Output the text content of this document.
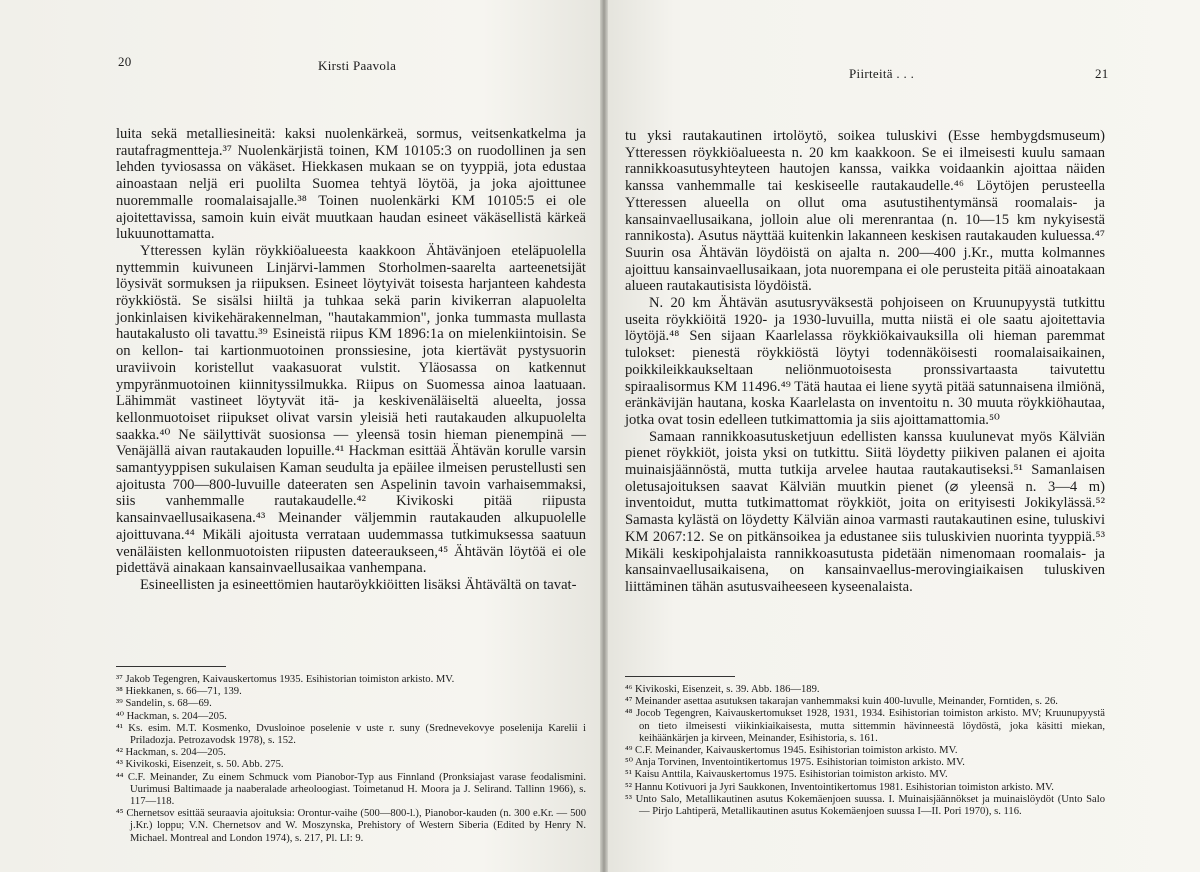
20	Kirsti Paavola

luita sekä metalliesineitä: kaksi nuolenkärkeä, sormus, veitsenkatkelma ja rautafragmentteja.³⁷ Nuolenkärjistä toinen, KM 10105:3 on ruodollinen ja sen lehden tyviosassa on väkäset. Hiekkasen mukaan se on tyyppiä, jota edustaa ainoastaan neljä eri puolilta Suomea tehtyä löytöä, ja joka ajoittunee nuoremmalle roomalaisajalle.³⁸ Toinen nuolenkärki KM 10105:5 ei ole ajoitettavissa, samoin kuin eivät muutkaan haudan esineet väkäsellistä kärkeä lukuunottamatta.

Ytteressen kylän röykkiöalueesta kaakkoon Ähtävänjoen eteläpuolella nyttemmin kuivuneen Linjärvi-lammen Storholmen-saarelta aarteenetsijät löysivät sormuksen ja riipuksen. Esineet löytyivät toisesta harjanteen kahdesta röykkiöstä. Se sisälsi hiiltä ja tuhkaa sekä parin kivikerran alapuolelta jonkinlaisen kivikehärakennelman, "hautakammion", jonka tummasta mullasta hautakalusto oli tavattu.³⁹ Esineistä riipus KM 1896:1a on mielenkiintoisin. Se on kellon- tai kartionmuotoinen pronssiesine, jota kiertävät pystysuorin uraviivoin koristellut vaakasuorat vulstit. Yläosassa on katkennut ympyränmuotoinen kiinnityssilmukka. Riipus on Suomessa ainoa laatuaan. Lähimmät vastineet löytyvät itä- ja keskivenäläiseltä alueelta, jossa kellonmuotoiset riipukset olivat varsin yleisiä heti rautakauden alkupuolelta saakka.⁴⁰ Ne säilyttivät suosionsa — yleensä tosin hieman pienempinä — Venäjällä aivan rautakauden lopuille.⁴¹ Hackman esittää Ähtävän korulle varsin samantyyppisen sukulaisen Kaman seudulta ja epäilee ilmeisen perustellusti sen ajoitusta 700—800-luvuille dateeraten sen Aspelinin tavoin varhaisemmaksi, siis vanhemmalle rautakaudelle.⁴² Kivikoski pitää riipusta kansainvaellusaikasena.⁴³ Meinander väljemmin rautakauden alkupuolelle ajoittuvana.⁴⁴ Mikäli ajoitusta verrataan uudemmassa tutkimuksessa saatuun venäläisten kellonmuotoisten riipusten dateeraukseen,⁴⁵ Ähtävän löytöä ei ole pidettävä ainakaan kansainvaellusaikaa vanhempana.

Esineellisten ja esineettömien hautaröykkiöitten lisäksi Ähtävältä on tavat-

³⁷ Jakob Tegengren, Kaivauskertomus 1935. Esihistorian toimiston arkisto. MV.

³⁸ Hiekkanen, s. 66—71, 139.

³⁹ Sandelin, s. 68—69.

⁴⁰ Hackman, s. 204—205.

⁴¹ Ks. esim. M.T. Kosmenko, Dvuslоinoe poselenie v uste r. suny (Srednevekovye poselenija Karelii i Priladozja. Petrozavodsk 1978), s. 152.

⁴² Hackman, s. 204—205.

⁴³ Kivikoski, Eisenzeit, s. 50. Abb. 275.

⁴⁴ C.F. Meinander, Zu einem Schmuck vom Pianobor-Typ aus Finnland (Pronksiajast varase feodalismini. Uurimusi Baltimaade ja naaberalade arheoloogiast. Toimetanud H. Moora ja J. Selirand. Tallinn 1966), s. 117—118.

⁴⁵ Chernetsov esittää seuraavia ajoituksia: Orontur-vaihe (500—800-l.), Pianobor-kauden (n. 300 e.Kr. — 500 j.Kr.) loppu; V.N. Chernetsov and W. Moszynska, Prehistory of Western Siberia (Edited by Henry N. Michael. Montreal and London 1974), s. 217, Pl. LI: 9.

Piirteitä . . .	21

tu yksi rautakautinen irtolöytö, soikea tuluskivi (Esse hembygdsmuseum) Ytteressen röykkiöalueesta n. 20 km kaakkoon. Se ei ilmeisesti kuulu samaan rannikkoasutusyhteyteen hautojen kanssa, vaikka voidaankin ajoittaa näiden kanssa vanhemmalle tai keskiseelle rautakaudelle.⁴⁶ Löytöjen perusteella Ytteressen alueella on ollut oma asutustihentymänsä roomalais- ja kansainvaellusaikana, jolloin alue oli merenrantaa (n. 10—15 km nykyisestä rannikosta). Asutus näyttää kuitenkin lakanneen keskisen rautakauden kuluessa.⁴⁷ Suurin osa Ähtävän löydöistä on ajalta n. 200—400 j.Kr., mutta kolmannes ajoittuu kansainvaellusaikaan, jota nuorempana ei ole perusteita pitää ainoatakaan alueen rautakautisista löydöistä.

N. 20 km Ähtävän asutusryväksestä pohjoiseen on Kruunupyystä tutkittu useita röykkiöitä 1920- ja 1930-luvuilla, mutta niistä ei ole saatu ajoitettavia löytöjä.⁴⁸ Sen sijaan Kaarlelassa röykkiökaivauksilla oli hieman paremmat tulokset: pienestä röykkiöstä löytyi todennäköisesti roomalaisaikainen, poikkileikkaukseltaan neliönmuotoisesta pronssivartaasta taivutettu spiraalisormus KM 11496.⁴⁹ Tätä hautaa ei liene syytä pitää satunnaisena ilmiönä, eränkävijän hautana, koska Kaarlelasta on inventoitu n. 30 muuta röykkiöhautaa, jotka ovat tosin edelleen tutkimattomia ja siis ajoittamattomia.⁵⁰

Samaan rannikkoasutusketjuun edellisten kanssa kuulunevat myös Kälviän pienet röykkiöt, joista yksi on tutkittu. Siitä löydetty piikiven palanen ei ajoita muinaisjäännöstä, mutta tutkija arvelee hautaa rautakautiseksi.⁵¹ Samanlaisen oletusajoituksen saavat Kälviän muutkin pienet (⌀ yleensä n. 3—4 m) inventoidut, mutta tutkimattomat röykkiöt, joita on erityisesti Jokikylässä.⁵² Samasta kylästä on löydetty Kälviän ainoa varmasti rautakautinen esine, tuluskivi KM 2067:12. Se on pitkänsoikea ja edustanee siis tuluskivien nuorinta tyyppiä.⁵³ Mikäli keskipohjalaista rannikkoasutusta pidetään nimenomaan roomalais- ja kansainvaellusaikaisena, on kansainvaellus-merovingiaikaisen tuluskiven liittäminen tähän asutusvaiheeseen kyseenalaista.

⁴⁶ Kivikoski, Eisenzeit, s. 39. Abb. 186—189.

⁴⁷ Meinander asettaa asutuksen takarajan vanhemmaksi kuin 400-luvulle, Meinander, Forntiden, s. 26.

⁴⁸ Jocob Tegengren, Kaivauskertomukset 1928, 1931, 1934. Esihistorian toimiston arkisto. MV; Kruunupyystä on tieto ilmeisesti viikinkiaikaisesta, mutta sittemmin hävinneestä löydöstä, joka käsitti miekan, keihäänkärjen ja kirveen, Meinander, Esihistoria, s. 161.

⁴⁹ C.F. Meinander, Kaivauskertomus 1945. Esihistorian toimiston arkisto. MV.

⁵⁰ Anja Torvinen, Inventointikertomus 1975. Esihistorian toimiston arkisto. MV.

⁵¹ Kaisu Anttila, Kaivauskertomus 1975. Esihistorian toimiston arkisto. MV.

⁵² Hannu Kotivuori ja Jyri Saukkonen, Inventointikertomus 1981. Esihistorian toimiston arkisto. MV.

⁵³ Unto Salo, Metallikautinen asutus Kokemäenjoen suussa. I. Muinaisjäännökset ja muinaislöydöt (Unto Salo — Pirjo Lahtiperä, Metallikautinen asutus Kokemäenjoen suussa I—II. Pori 1970), s. 116.
